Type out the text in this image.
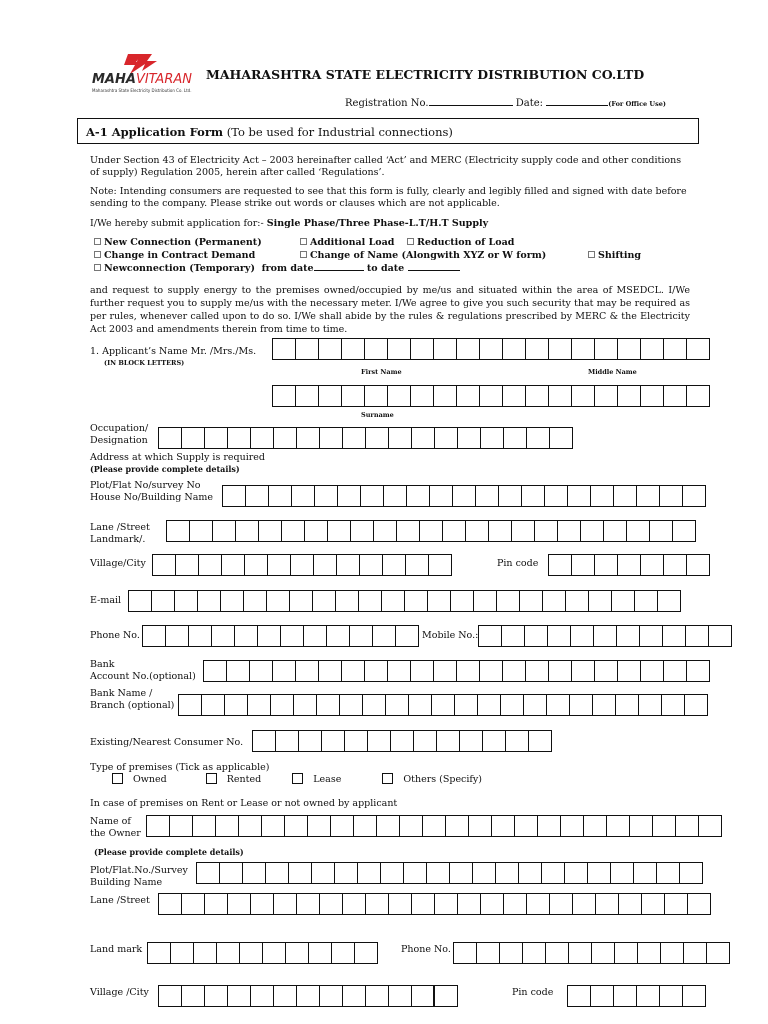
MAHAVITARAN
Maharashtra State Electricity Distribution Co. Ltd.
MAHARASHTRA STATE ELECTRICITY DISTRIBUTION CO.LTD
Registration No.	Date:	(For Office Use)
A-1 Application Form (To be used for Industrial connections)
Under Section 43 of Electricity Act – 2003 hereinafter called ‘Act’ and MERC (Electricity supply code and other conditions of supply) Regulation 2005, herein after called ‘Regulations’.
Note: Intending consumers are requested to see that this form is fully, clearly and legibly filled and signed with date before sending to the company. Please strike out words or clauses which are not applicable.
I/We hereby submit application for:- Single Phase/Three Phase-L.T/H.T Supply
New Connection (Permanent)	Additional Load	Reduction of Load
Change in Contract Demand	Change of Name (Alongwith XYZ or W form)	Shifting
Newconnection (Temporary) from date	to date
and request to supply energy to the premises owned/occupied by me/us and situated within the area of MSEDCL. I/We further request you to supply me/us with the necessary meter. I/We agree to give you such security that may be required as per rules, whenever called upon to do so. I/We shall abide by the rules & regulations prescribed by MERC & the Electricity Act 2003 and amendments therein from time to time.
1. Applicant’s Name Mr. /Mrs./Ms.
(IN BLOCK LETTERS)
First Name	Middle Name
Surname
Occupation/
Designation
Address at which Supply is required
(Please provide complete details)
Plot/Flat No/survey No
House No/Building Name
Lane /Street
Landmark/.
Village/City	Pin code
E-mail
Phone No.	Mobile No.:
Bank
Account No.(optional)
Bank Name /
Branch (optional)
Existing/Nearest Consumer No.
Type of premises (Tick as applicable)
Owned	Rented	Lease	Others (Specify)
In case of premises on Rent or Lease or not owned by applicant
Name of
the Owner
(Please provide complete details)
Plot/Flat.No./Survey
Building Name
Lane /Street
Land mark	Phone No.
Village /City	Pin code
